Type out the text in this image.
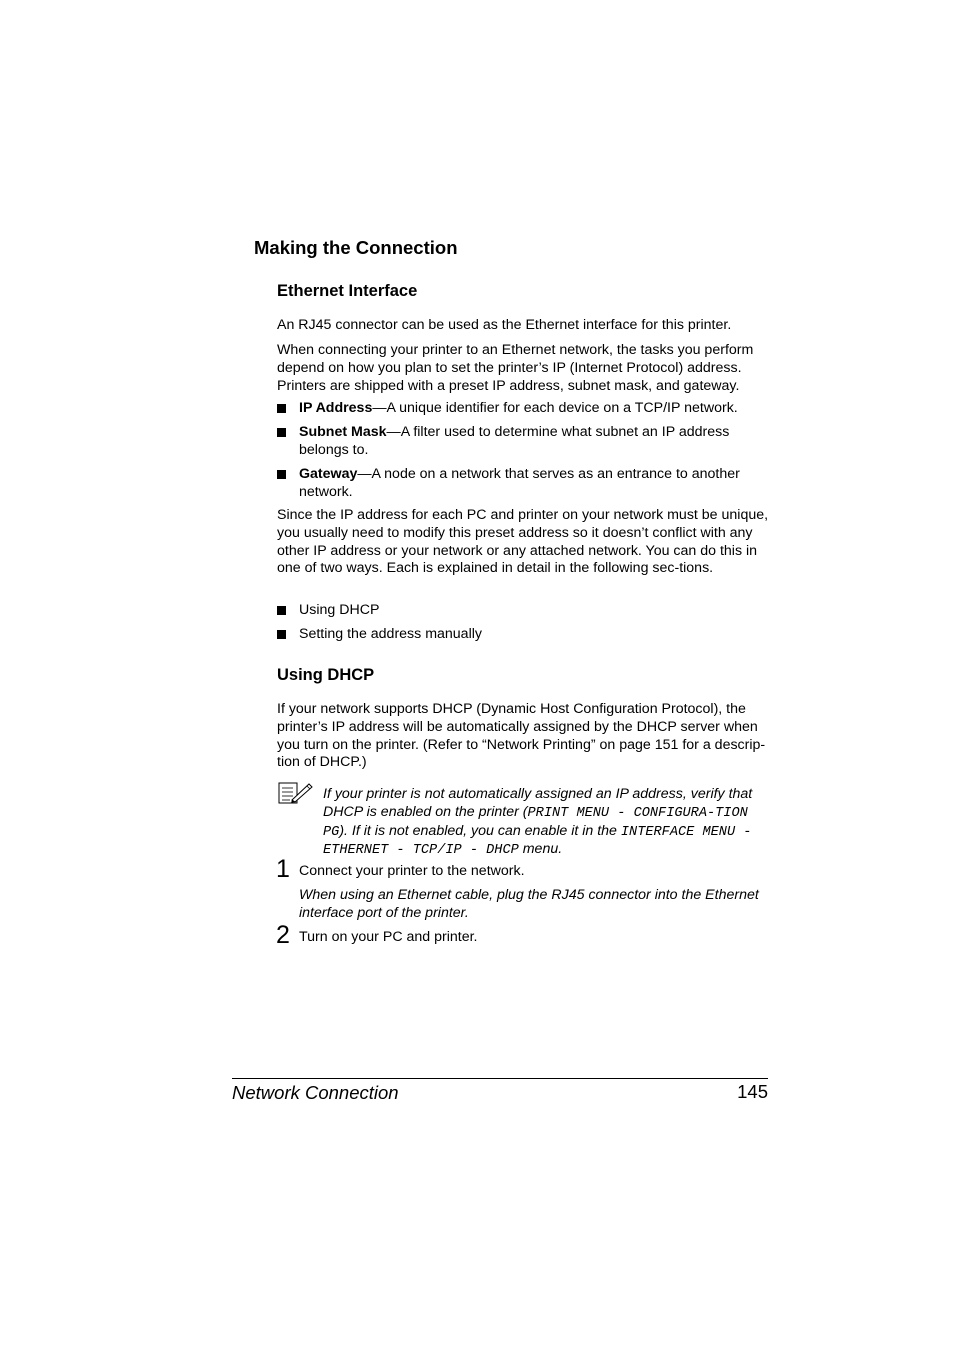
Making the Connection
Ethernet Interface
An RJ45 connector can be used as the Ethernet interface for this printer.
When connecting your printer to an Ethernet network, the tasks you perform depend on how you plan to set the printer’s IP (Internet Protocol) address. Printers are shipped with a preset IP address, subnet mask, and gateway.
IP Address—A unique identifier for each device on a TCP/IP network.
Subnet Mask—A filter used to determine what subnet an IP address belongs to.
Gateway—A node on a network that serves as an entrance to another network.
Since the IP address for each PC and printer on your network must be unique, you usually need to modify this preset address so it doesn’t conflict with any other IP address or your network or any attached network. You can do this in one of two ways. Each is explained in detail in the following sec-tions.
Using DHCP
Setting the address manually
Using DHCP
If your network supports DHCP (Dynamic Host Configuration Protocol), the printer’s IP address will be automatically assigned by the DHCP server when you turn on the printer. (Refer to “Network Printing” on page 151 for a descrip-tion of DHCP.)
If your printer is not automatically assigned an IP address, verify that DHCP is enabled on the printer (PRINT MENU - CONFIGURA-TION PG). If it is not enabled, you can enable it in the INTERFACE MENU - ETHERNET - TCP/IP - DHCP menu.
1 Connect your printer to the network.
When using an Ethernet cable, plug the RJ45 connector into the Ethernet interface port of the printer.
2 Turn on your PC and printer.
Network Connection	145
